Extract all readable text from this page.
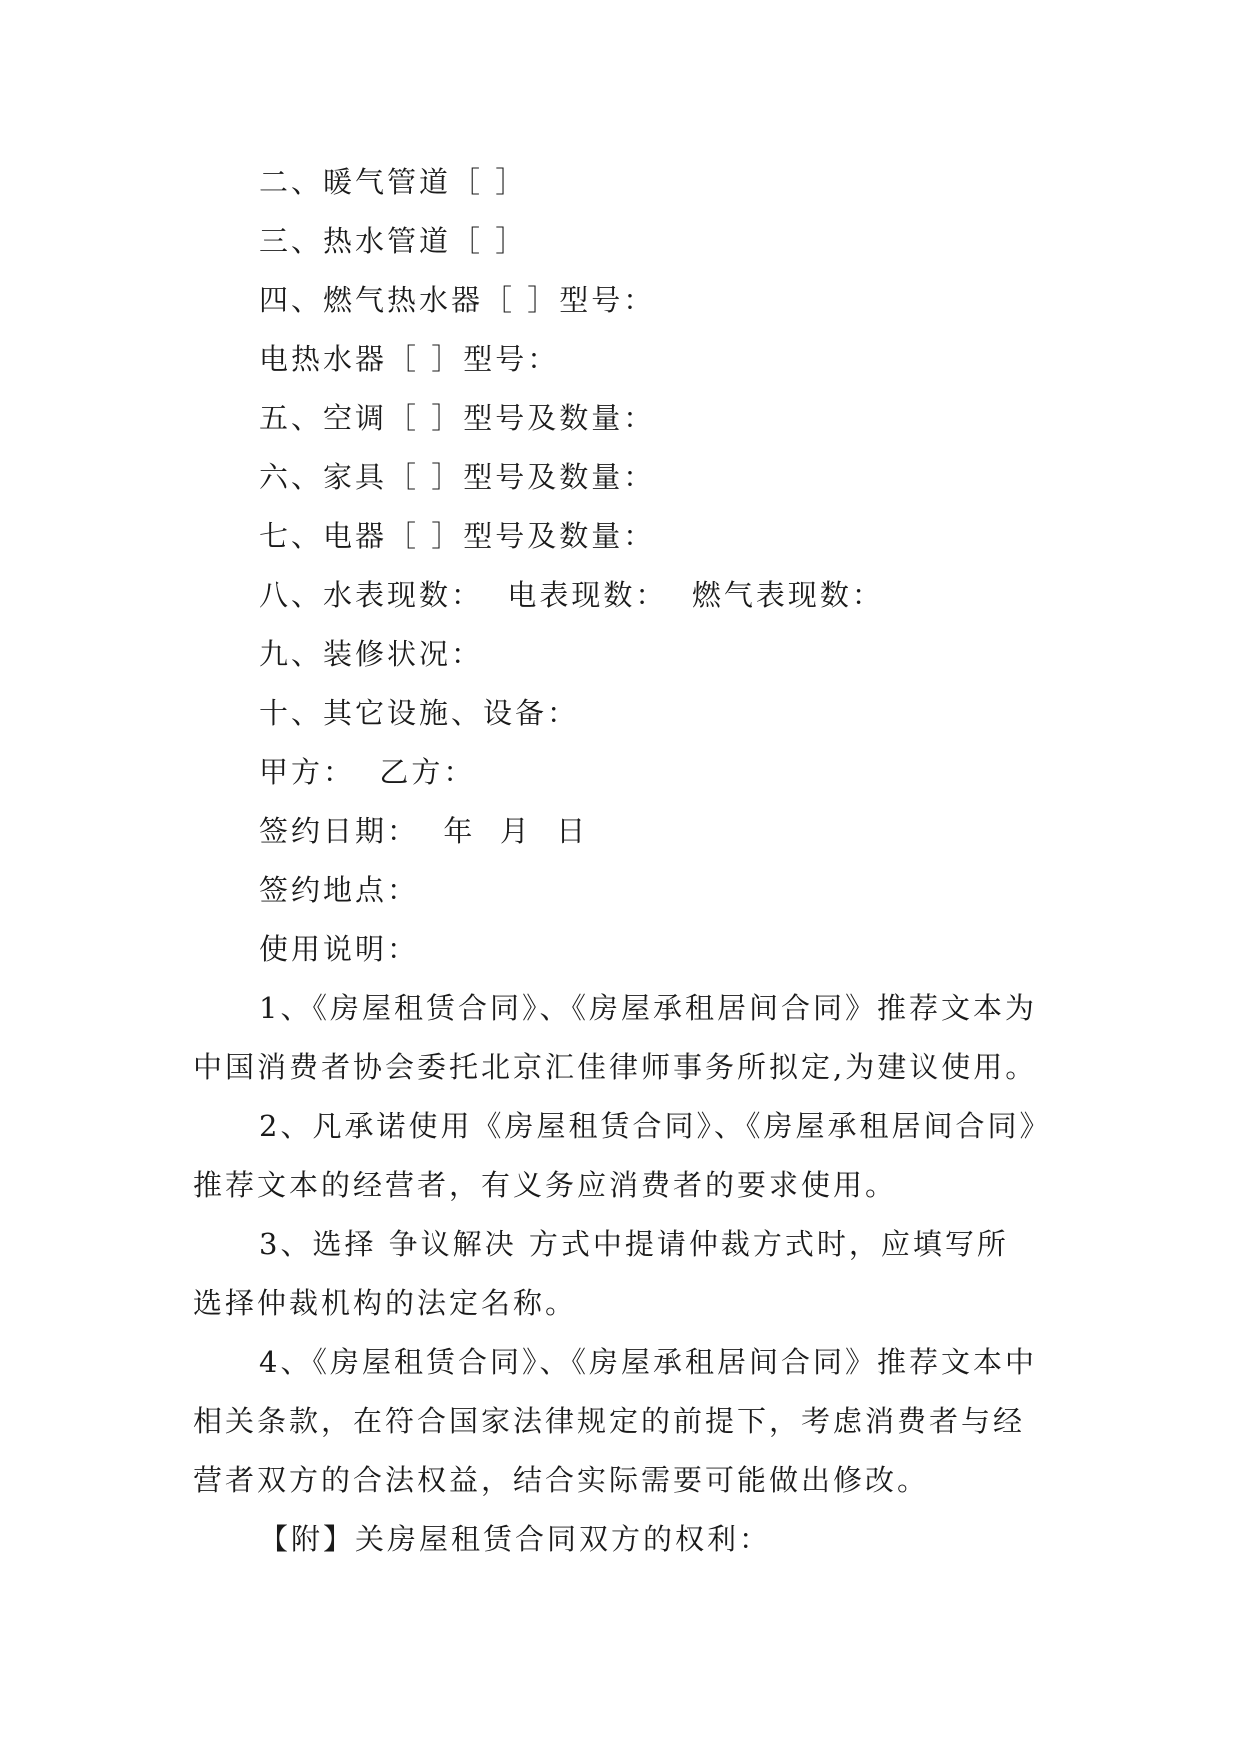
二、暖气管道［ ］
三、热水管道［ ］
四、燃气热水器［ ］型号：
电热水器［ ］型号：
五、空调［ ］型号及数量：
六、家具［ ］型号及数量：
七、电器［ ］型号及数量：
八、水表现数：  电表现数：  燃气表现数：
九、装修状况：
十、其它设施、设备：
甲方：  乙方：
签约日期：  年  月  日
签约地点：
使用说明：
1、《房屋租赁合同》、《房屋承租居间合同》推荐文本为
中国消费者协会委托北京汇佳律师事务所拟定,为建议使用。
2、凡承诺使用《房屋租赁合同》、《房屋承租居间合同》
推荐文本的经营者，有义务应消费者的要求使用。
3、选择 争议解决 方式中提请仲裁方式时，应填写所
选择仲裁机构的法定名称。
4、《房屋租赁合同》、《房屋承租居间合同》推荐文本中
相关条款，在符合国家法律规定的前提下，考虑消费者与经
营者双方的合法权益，结合实际需要可能做出修改。
【附】关房屋租赁合同双方的权利：
